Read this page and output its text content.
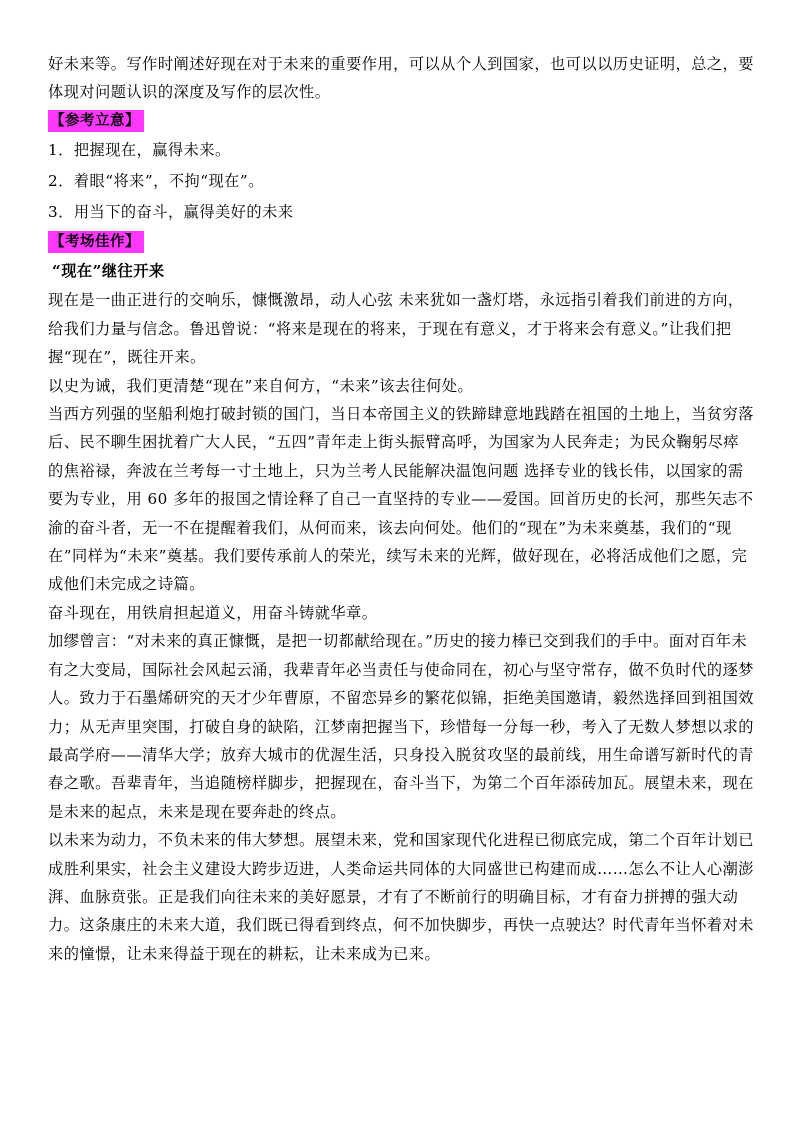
好未来等。写作时阐述好现在对于未来的重要作用，可以从个人到国家，也可以以历史证明，总之，要体现对问题认识的深度及写作的层次性。

【参考立意】

1．把握现在，赢得未来。

2．着眼“将来”，不拘“现在”。

3．用当下的奋斗，赢得美好的未来

【考场佳作】

“现在”继往开来

现在是一曲正进行的交响乐，慷慨激昂，动人心弦 未来犹如一盏灯塔，永远指引着我们前进的方向，给我们力量与信念。鲁迅曾说：“将来是现在的将来，于现在有意义，才于将来会有意义。”让我们把握“现在”，既往开来。

以史为诫，我们更清楚“现在”来自何方，“未来”该去往何处。

当西方列强的坚船利炮打破封锁的国门，当日本帝国主义的铁蹄肆意地践踏在祖国的土地上，当贫穷落后、民不聊生困扰着广大人民，“五四”青年走上街头振臂高呼，为国家为人民奔走；为民众鞠躬尽瘁的焦裕禄，奔波在兰考每一寸土地上，只为兰考人民能解决温饱问题 选择专业的钱长伟，以国家的需要为专业，用 60 多年的报国之情诠释了自己一直坚持的专业——爱国。回首历史的长河，那些矢志不渝的奋斗者，无一不在提醒着我们，从何而来，该去向何处。他们的“现在”为未来奠基，我们的“现在”同样为“未来”奠基。我们要传承前人的荣光，续写未来的光辉，做好现在，必将活成他们之愿，完成他们未完成之诗篇。

奋斗现在，用铁肩担起道义，用奋斗铸就华章。

加缪曾言：“对未来的真正慷慨，是把一切都献给现在。”历史的接力棒已交到我们的手中。面对百年未有之大变局，国际社会风起云涌，我辈青年必当责任与使命同在，初心与坚守常存，做不负时代的逐梦人。致力于石墨烯研究的天才少年曹原，不留恋异乡的繁花似锦，拒绝美国邀请，毅然选择回到祖国效力；从无声里突围，打破自身的缺陷，江梦南把握当下，珍惜每一分每一秒，考入了无数人梦想以求的最高学府——清华大学；放弃大城市的优渥生活，只身投入脱贫攻坚的最前线，用生命谱写新时代的青春之歌。吾辈青年，当追随榜样脚步，把握现在，奋斗当下，为第二个百年添砖加瓦。展望未来，现在是未来的起点，未来是现在要奔赴的终点。

以未来为动力，不负未来的伟大梦想。展望未来，党和国家现代化进程已彻底完成，第二个百年计划已成胜利果实，社会主义建设大跨步迈进，人类命运共同体的大同盛世已构建而成……怎么不让人心潮澎湃、血脉贲张。正是我们向往未来的美好愿景，才有了不断前行的明确目标，才有奋力拼搏的强大动力。这条康庄的未来大道，我们既已得看到终点，何不加快脚步，再快一点驶达？时代青年当怀着对未来的憧憬，让未来得益于现在的耕耘，让未来成为已来。
